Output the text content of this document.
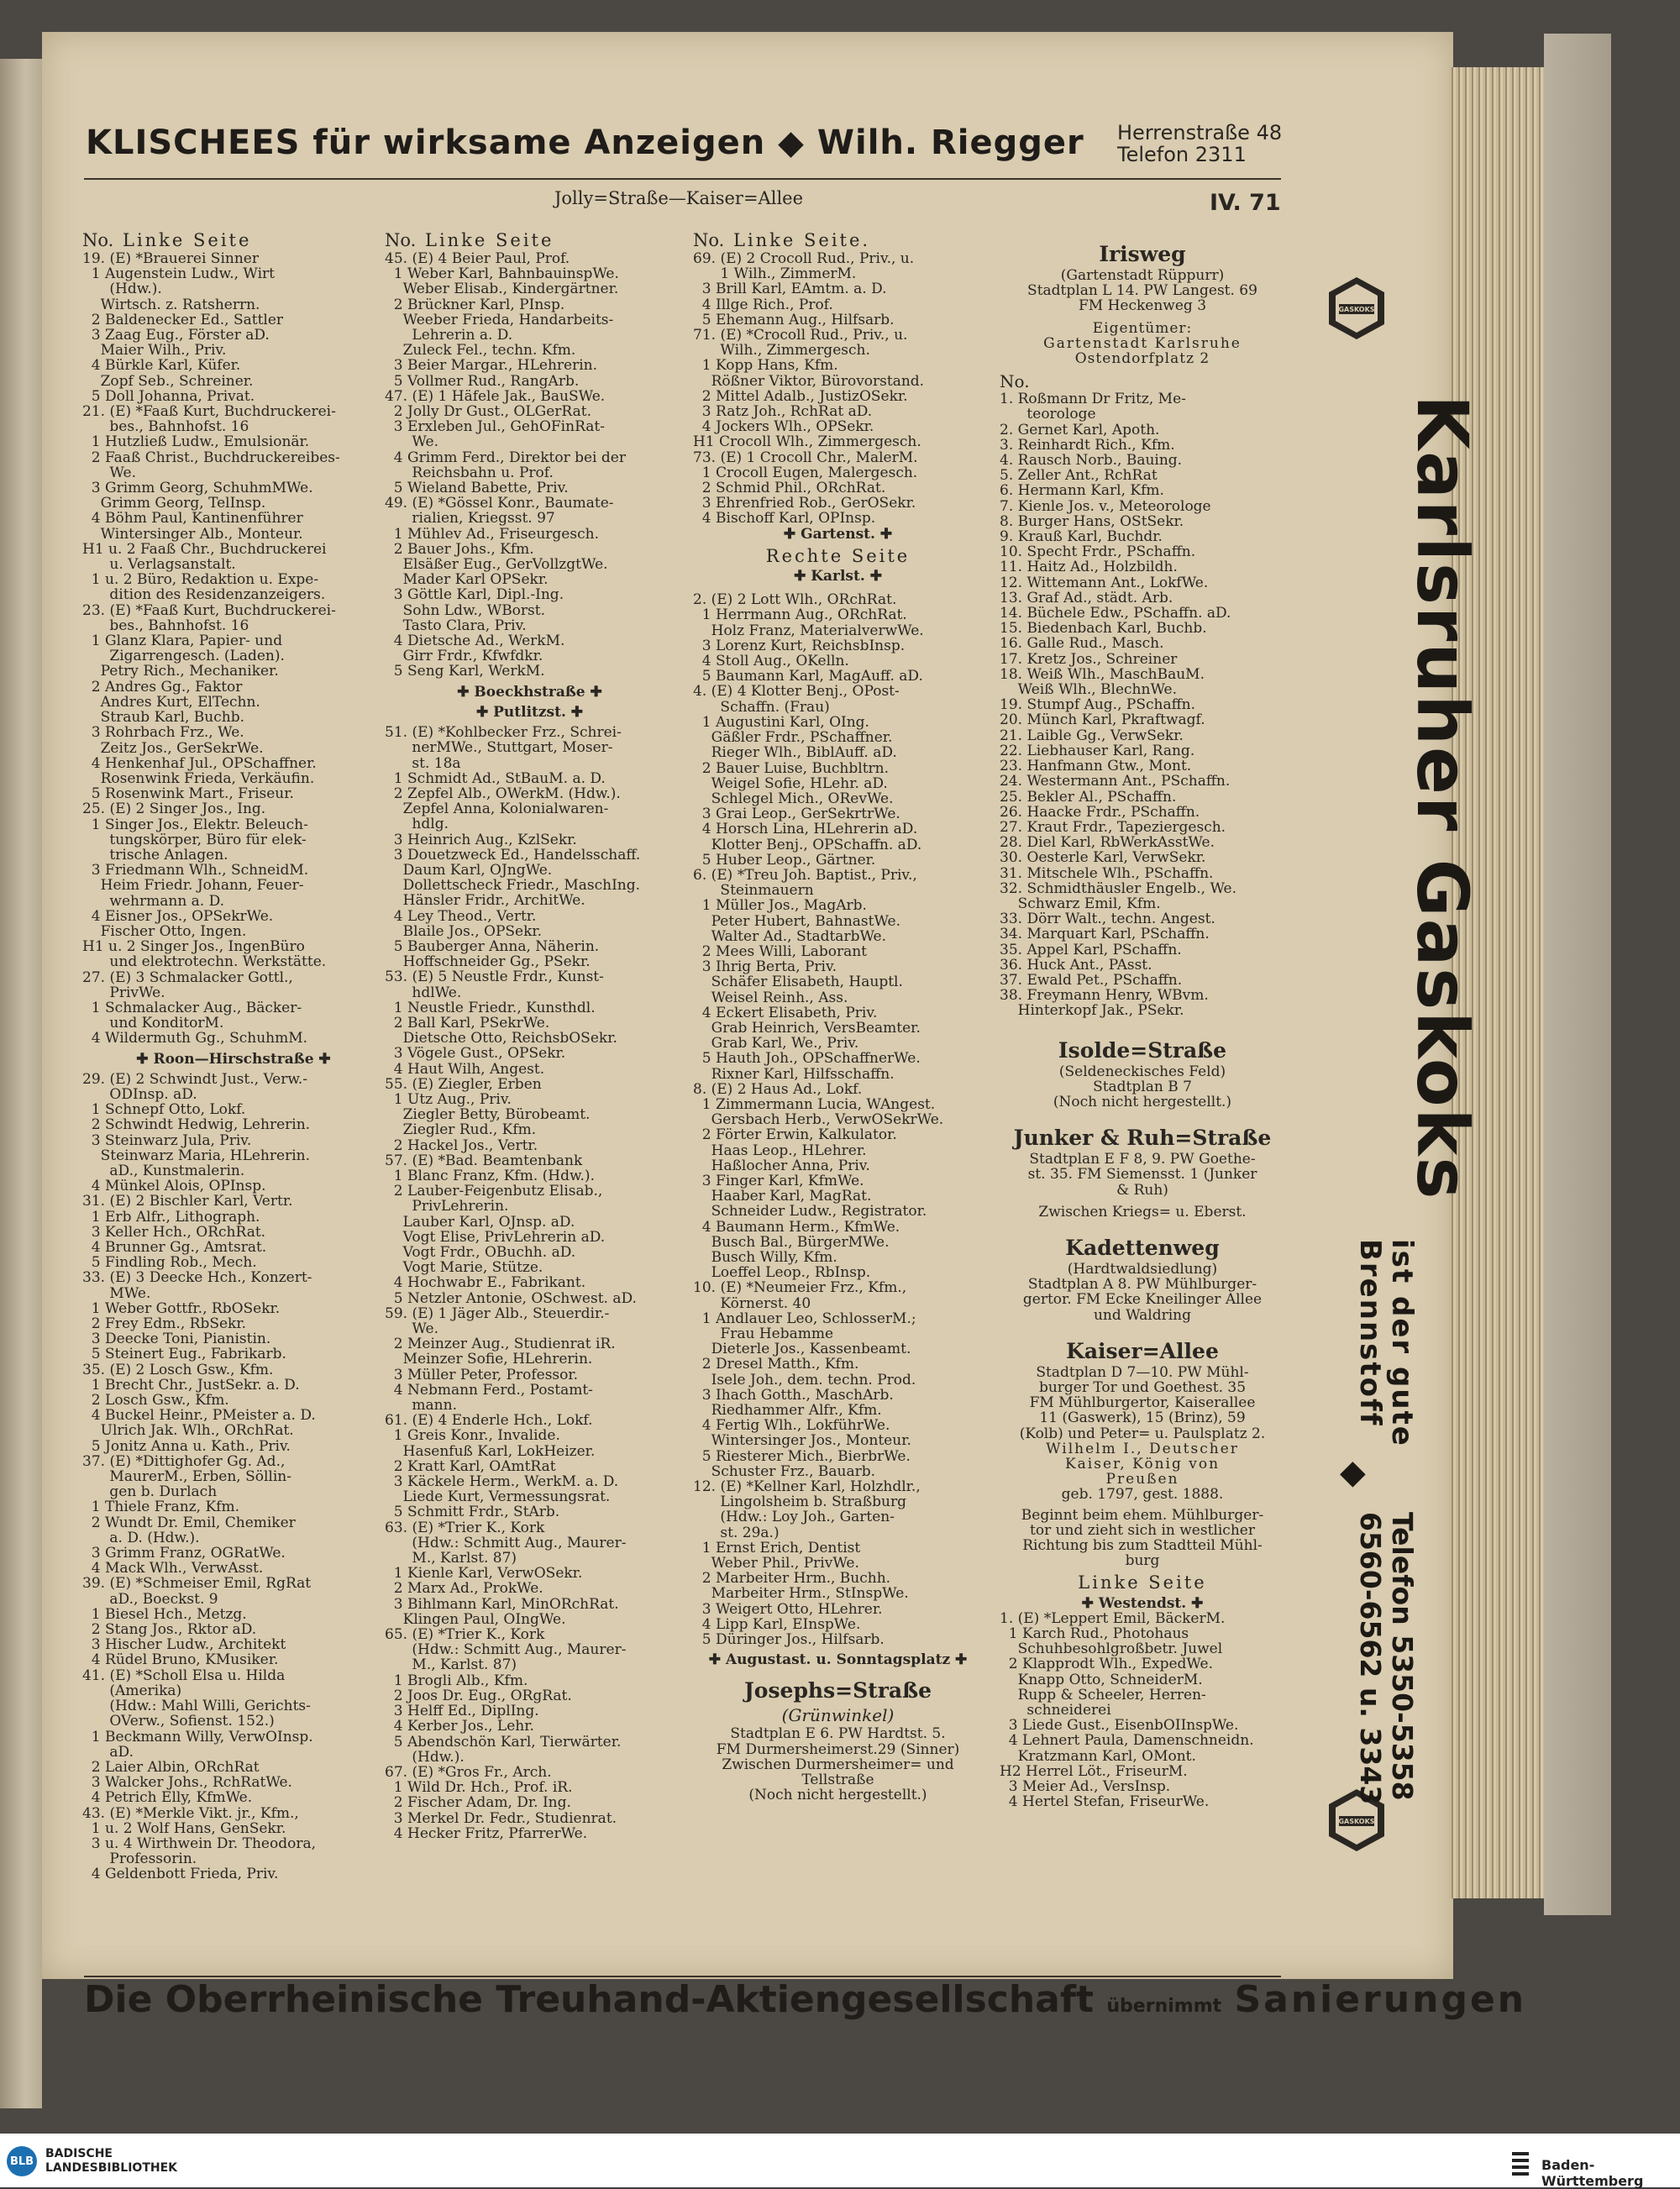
KLISCHEES für wirksame Anzeigen ◆ Wilh. Riegger Herrenstraße 48
Telefon 2311
Jolly=Straße—Kaiser=Allee	IV. 71
No. Linke Seite
19. (E) *Brauerei Sinner
1 Augenstein Ludw., Wirt
(Hdw.).
Wirtsch. z. Ratsherrn.
2 Baldenecker Ed., Sattler
3 Zaag Eug., Förster aD.
Maier Wilh., Priv.
4 Bürkle Karl, Küfer.
Zopf Seb., Schreiner.
5 Doll Johanna, Privat.
21. (E) *Faaß Kurt, Buchdruckerei-
bes., Bahnhofst. 16
1 Hutzließ Ludw., Emulsionär.
2 Faaß Christ., Buchdruckereibes-
We.
3 Grimm Georg, SchuhmMWe.
Grimm Georg, TelInsp.
4 Böhm Paul, Kantinenführer
Wintersinger Alb., Monteur.
H1 u. 2 Faaß Chr., Buchdruckerei
u. Verlagsanstalt.
1 u. 2 Büro, Redaktion u. Expe-
dition des Residenzanzeigers.
23. (E) *Faaß Kurt, Buchdruckerei-
bes., Bahnhofst. 16
1 Glanz Klara, Papier- und
Zigarrengesch. (Laden).
Petry Rich., Mechaniker.
2 Andres Gg., Faktor
Andres Kurt, ElTechn.
Straub Karl, Buchb.
3 Rohrbach Frz., We.
Zeitz Jos., GerSekrWe.
4 Henkenhaf Jul., OPSchaffner.
Rosenwink Frieda, Verkäufin.
5 Rosenwink Mart., Friseur.
25. (E) 2 Singer Jos., Ing.
1 Singer Jos., Elektr. Beleuch-
tungskörper, Büro für elek-
trische Anlagen.
3 Friedmann Wlh., SchneidM.
Heim Friedr. Johann, Feuer-
wehrmann a. D.
4 Eisner Jos., OPSekrWe.
Fischer Otto, Ingen.
H1 u. 2 Singer Jos., IngenBüro
und elektrotechn. Werkstätte.
27. (E) 3 Schmalacker Gottl.,
PrivWe.
1 Schmalacker Aug., Bäcker-
und KonditorM.
4 Wildermuth Gg., SchuhmM.
✚ Roon—Hirschstraße ✚
29. (E) 2 Schwindt Just., Verw.-
ODInsp. aD.
1 Schnepf Otto, Lokf.
2 Schwindt Hedwig, Lehrerin.
3 Steinwarz Jula, Priv.
Steinwarz Maria, HLehrerin.
aD., Kunstmalerin.
4 Münkel Alois, OPInsp.
31. (E) 2 Bischler Karl, Vertr.
1 Erb Alfr., Lithograph.
3 Keller Hch., ORchRat.
4 Brunner Gg., Amtsrat.
5 Findling Rob., Mech.
33. (E) 3 Deecke Hch., Konzert-
MWe.
1 Weber Gottfr., RbOSekr.
2 Frey Edm., RbSekr.
3 Deecke Toni, Pianistin.
5 Steinert Eug., Fabrikarb.
35. (E) 2 Losch Gsw., Kfm.
1 Brecht Chr., JustSekr. a. D.
2 Losch Gsw., Kfm.
4 Buckel Heinr., PMeister a. D.
Ulrich Jak. Wlh., ORchRat.
5 Jonitz Anna u. Kath., Priv.
37. (E) *Dittighofer Gg. Ad.,
MaurerM., Erben, Söllin-
gen b. Durlach
1 Thiele Franz, Kfm.
2 Wundt Dr. Emil, Chemiker
a. D. (Hdw.).
3 Grimm Franz, OGRatWe.
4 Mack Wlh., VerwAsst.
39. (E) *Schmeiser Emil, RgRat
aD., Boeckst. 9
1 Biesel Hch., Metzg.
2 Stang Jos., Rktor aD.
3 Hischer Ludw., Architekt
4 Rüdel Bruno, KMusiker.
41. (E) *Scholl Elsa u. Hilda
(Amerika)
(Hdw.: Mahl Willi, Gerichts-
OVerw., Sofienst. 152.)
1 Beckmann Willy, VerwOInsp.
aD.
2 Laier Albin, ORchRat
3 Walcker Johs., RchRatWe.
4 Petrich Elly, KfmWe.
43. (E) *Merkle Vikt. jr., Kfm.,
1 u. 2 Wolf Hans, GenSekr.
3 u. 4 Wirthwein Dr. Theodora,
Professorin.
4 Geldenbott Frieda, Priv.
No. Linke Seite
45. (E) 4 Beier Paul, Prof.
1 Weber Karl, BahnbauinspWe.
Weber Elisab., Kindergärtner.
2 Brückner Karl, PInsp.
Weeber Frieda, Handarbeits-
Lehrerin a. D.
Zuleck Fel., techn. Kfm.
3 Beier Margar., HLehrerin.
5 Vollmer Rud., RangArb.
47. (E) 1 Häfele Jak., BauSWe.
2 Jolly Dr Gust., OLGerRat.
3 Erxleben Jul., GehOFinRat-
We.
4 Grimm Ferd., Direktor bei der
Reichsbahn u. Prof.
5 Wieland Babette, Priv.
49. (E) *Gössel Konr., Baumate-
rialien, Kriegsst. 97
1 Mühlev Ad., Friseurgesch.
2 Bauer Johs., Kfm.
Elsäßer Eug., GerVollzgtWe.
Mader Karl OPSekr.
3 Göttle Karl, Dipl.-Ing.
Sohn Ldw., WBorst.
Tasto Clara, Priv.
4 Dietsche Ad., WerkM.
Girr Frdr., Kfwfdkr.
5 Seng Karl, WerkM.
✚ Boeckhstraße ✚
✚ Putlitzst. ✚
51. (E) *Kohlbecker Frz., Schrei-
nerMWe., Stuttgart, Moser-
st. 18a
1 Schmidt Ad., StBauM. a. D.
2 Zepfel Alb., OWerkM. (Hdw.).
Zepfel Anna, Kolonialwaren-
hdlg.
3 Heinrich Aug., KzlSekr.
3 Douetzweck Ed., Handelsschaff.
Daum Karl, OJngWe.
Dollettscheck Friedr., MaschIng.
Hänsler Fridr., ArchitWe.
4 Ley Theod., Vertr.
Blaile Jos., OPSekr.
5 Bauberger Anna, Näherin.
Hoffschneider Gg., PSekr.
53. (E) 5 Neustle Frdr., Kunst-
hdlWe.
1 Neustle Friedr., Kunsthdl.
2 Ball Karl, PSekrWe.
Dietsche Otto, ReichsbOSekr.
3 Vögele Gust., OPSekr.
4 Haut Wilh, Angest.
55. (E) Ziegler, Erben
1 Utz Aug., Priv.
Ziegler Betty, Bürobeamt.
Ziegler Rud., Kfm.
2 Hackel Jos., Vertr.
57. (E) *Bad. Beamtenbank
1 Blanc Franz, Kfm. (Hdw.).
2 Lauber-Feigenbutz Elisab.,
PrivLehrerin.
Lauber Karl, OJnsp. aD.
Vogt Elise, PrivLehrerin aD.
Vogt Frdr., OBuchh. aD.
Vogt Marie, Stütze.
4 Hochwabr E., Fabrikant.
5 Netzler Antonie, OSchwest. aD.
59. (E) 1 Jäger Alb., Steuerdir.-
We.
2 Meinzer Aug., Studienrat iR.
Meinzer Sofie, HLehrerin.
3 Müller Peter, Professor.
4 Nebmann Ferd., Postamt-
mann.
61. (E) 4 Enderle Hch., Lokf.
1 Greis Konr., Invalide.
Hasenfuß Karl, LokHeizer.
2 Kratt Karl, OAmtRat
3 Käckele Herm., WerkM. a. D.
Liede Kurt, Vermessungsrat.
5 Schmitt Frdr., StArb.
63. (E) *Trier K., Kork
(Hdw.: Schmitt Aug., Maurer-
M., Karlst. 87)
1 Kienle Karl, VerwOSekr.
2 Marx Ad., ProkWe.
3 Bihlmann Karl, MinORchRat.
Klingen Paul, OIngWe.
65. (E) *Trier K., Kork
(Hdw.: Schmitt Aug., Maurer-
M., Karlst. 87)
1 Brogli Alb., Kfm.
2 Joos Dr. Eug., ORgRat.
3 Helff Ed., DiplIng.
4 Kerber Jos., Lehr.
5 Abendschön Karl, Tierwärter.
(Hdw.).
67. (E) *Gros Fr., Arch.
1 Wild Dr. Hch., Prof. iR.
2 Fischer Adam, Dr. Ing.
3 Merkel Dr. Fedr., Studienrat.
4 Hecker Fritz, PfarrerWe.
No. Linke Seite.
69. (E) 2 Crocoll Rud., Priv., u.
1 Wilh., ZimmerM.
3 Brill Karl, EAmtm. a. D.
4 Illge Rich., Prof.
5 Ehemann Aug., Hilfsarb.
71. (E) *Crocoll Rud., Priv., u.
Wilh., Zimmergesch.
1 Kopp Hans, Kfm.
Rößner Viktor, Bürovorstand.
2 Mittel Adalb., JustizOSekr.
3 Ratz Joh., RchRat aD.
4 Jockers Wlh., OPSekr.
H1 Crocoll Wlh., Zimmergesch.
73. (E) 1 Crocoll Chr., MalerM.
1 Crocoll Eugen, Malergesch.
2 Schmid Phil., ORchRat.
3 Ehrenfried Rob., GerOSekr.
4 Bischoff Karl, OPInsp.
✚ Gartenst. ✚
Rechte Seite
✚ Karlst. ✚
2. (E) 2 Lott Wlh., ORchRat.
1 Herrmann Aug., ORchRat.
Holz Franz, MaterialverwWe.
3 Lorenz Kurt, ReichsbInsp.
4 Stoll Aug., OKelln.
5 Baumann Karl, MagAuff. aD.
4. (E) 4 Klotter Benj., OPost-
Schaffn. (Frau)
1 Augustini Karl, OIng.
Gäßler Frdr., PSchaffner.
Rieger Wlh., BiblAuff. aD.
2 Bauer Luise, Buchbltrn.
Weigel Sofie, HLehr. aD.
Schlegel Mich., ORevWe.
3 Grai Leop., GerSekrtrWe.
4 Horsch Lina, HLehrerin aD.
Klotter Benj., OPSchaffn. aD.
5 Huber Leop., Gärtner.
6. (E) *Treu Joh. Baptist., Priv.,
Steinmauern
1 Müller Jos., MagArb.
Peter Hubert, BahnastWe.
Walter Ad., StadtarbWe.
2 Mees Willi, Laborant
3 Ihrig Berta, Priv.
Schäfer Elisabeth, Hauptl.
Weisel Reinh., Ass.
4 Eckert Elisabeth, Priv.
Grab Heinrich, VersBeamter.
Grab Karl, We., Priv.
5 Hauth Joh., OPSchaffnerWe.
Rixner Karl, Hilfsschaffn.
8. (E) 2 Haus Ad., Lokf.
1 Zimmermann Lucia, WAngest.
Gersbach Herb., VerwOSekrWe.
2 Förter Erwin, Kalkulator.
Haas Leop., HLehrer.
Haßlocher Anna, Priv.
3 Finger Karl, KfmWe.
Haaber Karl, MagRat.
Schneider Ludw., Registrator.
4 Baumann Herm., KfmWe.
Busch Bal., BürgerMWe.
Busch Willy, Kfm.
Loeffel Leop., RbInsp.
10. (E) *Neumeier Frz., Kfm.,
Körnerst. 40
1 Andlauer Leo, SchlosserM.;
Frau Hebamme
Dieterle Jos., Kassenbeamt.
2 Dresel Matth., Kfm.
Isele Joh., dem. techn. Prod.
3 Ihach Gotth., MaschArb.
Riedhammer Alfr., Kfm.
4 Fertig Wlh., LokführWe.
Wintersinger Jos., Monteur.
5 Riesterer Mich., BierbrWe.
Schuster Frz., Bauarb.
12. (E) *Kellner Karl, Holzhdlr.,
Lingolsheim b. Straßburg
(Hdw.: Loy Joh., Garten-
st. 29a.)
1 Ernst Erich, Dentist
Weber Phil., PrivWe.
2 Marbeiter Hrm., Buchh.
Marbeiter Hrm., StInspWe.
3 Weigert Otto, HLehrer.
4 Lipp Karl, EInspWe.
5 Düringer Jos., Hilfsarb.
✚ Augustast. u. Sonntagsplatz ✚
Josephs=Straße
(Grünwinkel)
Stadtplan E 6. PW Hardtst. 5.
FM Durmersheimerst.29 (Sinner)
Zwischen Durmersheimer= und
Tellstraße
(Noch nicht hergestellt.)
Irisweg
(Gartenstadt Rüppurr)
Stadtplan L 14. PW Langest. 69
FM Heckenweg 3
Eigentümer:
Gartenstadt Karlsruhe
Ostendorfplatz 2
No.
1. Roßmann Dr Fritz, Me-
teorologe
2. Gernet Karl, Apoth.
3. Reinhardt Rich., Kfm.
4. Rausch Norb., Bauing.
5. Zeller Ant., RchRat
6. Hermann Karl, Kfm.
7. Kienle Jos. v., Meteorologe
8. Burger Hans, OStSekr.
9. Krauß Karl, Buchdr.
10. Specht Frdr., PSchaffn.
11. Haitz Ad., Holzbildh.
12. Wittemann Ant., LokfWe.
13. Graf Ad., städt. Arb.
14. Büchele Edw., PSchaffn. aD.
15. Biedenbach Karl, Buchb.
16. Galle Rud., Masch.
17. Kretz Jos., Schreiner
18. Weiß Wlh., MaschBauM.
Weiß Wlh., BlechnWe.
19. Stumpf Aug., PSchaffn.
20. Münch Karl, Pkraftwagf.
21. Laible Gg., VerwSekr.
22. Liebhauser Karl, Rang.
23. Hanfmann Gtw., Mont.
24. Westermann Ant., PSchaffn.
25. Bekler Al., PSchaffn.
26. Haacke Frdr., PSchaffn.
27. Kraut Frdr., Tapeziergesch.
28. Diel Karl, RbWerkAsstWe.
30. Oesterle Karl, VerwSekr.
31. Mitschele Wlh., PSchaffn.
32. Schmidthäusler Engelb., We.
Schwarz Emil, Kfm.
33. Dörr Walt., techn. Angest.
34. Marquart Karl, PSchaffn.
35. Appel Karl, PSchaffn.
36. Huck Ant., PAsst.
37. Ewald Pet., PSchaffn.
38. Freymann Henry, WBvm.
Hinterkopf Jak., PSekr.
Isolde=Straße
(Seldeneckisches Feld)
Stadtplan B 7
(Noch nicht hergestellt.)
Junker & Ruh=Straße
Stadtplan E F 8, 9. PW Goethe-
st. 35. FM Siemensst. 1 (Junker
& Ruh)
Zwischen Kriegs= u. Eberst.
Kadettenweg
(Hardtwaldsiedlung)
Stadtplan A 8. PW Mühlburger-
gertor. FM Ecke Kneilinger Allee
und Waldring
Kaiser=Allee
Stadtplan D 7—10. PW Mühl-
burger Tor und Goethest. 35
FM Mühlburgertor, Kaiserallee
11 (Gaswerk), 15 (Brinz), 59
(Kolb) und Peter= u. Paulsplatz 2.
Wilhelm I., Deutscher
Kaiser, König von
Preußen
geb. 1797, gest. 1888.
Beginnt beim ehem. Mühlburger-
tor und zieht sich in westlicher
Richtung bis zum Stadtteil Mühl-
burg
Linke Seite
✚ Westendst. ✚
1. (E) *Leppert Emil, BäckerM.
1 Karch Rud., Photohaus
Schuhbesohlgroßbetr. Juwel
2 Klapprodt Wlh., ExpedWe.
Knapp Otto, SchneiderM.
Rupp & Scheeler, Herren-
schneiderei
3 Liede Gust., EisenbOIInspWe.
4 Lehnert Paula, Damenschneidn.
Kratzmann Karl, OMont.
H2 Herrel Löt., FriseurM.
3 Meier Ad., VersInsp.
4 Hertel Stefan, FriseurWe.
GASKOKS
GASKOKS
Karlsruher Gaskoks
ist der gute
Brennstoff
◆
Telefon 5350-5358
6560-6562 u. 3343
Die Oberrheinische Treuhand-Aktiengesellschaft übernimmt Sanierungen
BLB
BADISCHE
LANDESBIBLIOTHEK	Baden-Württemberg
